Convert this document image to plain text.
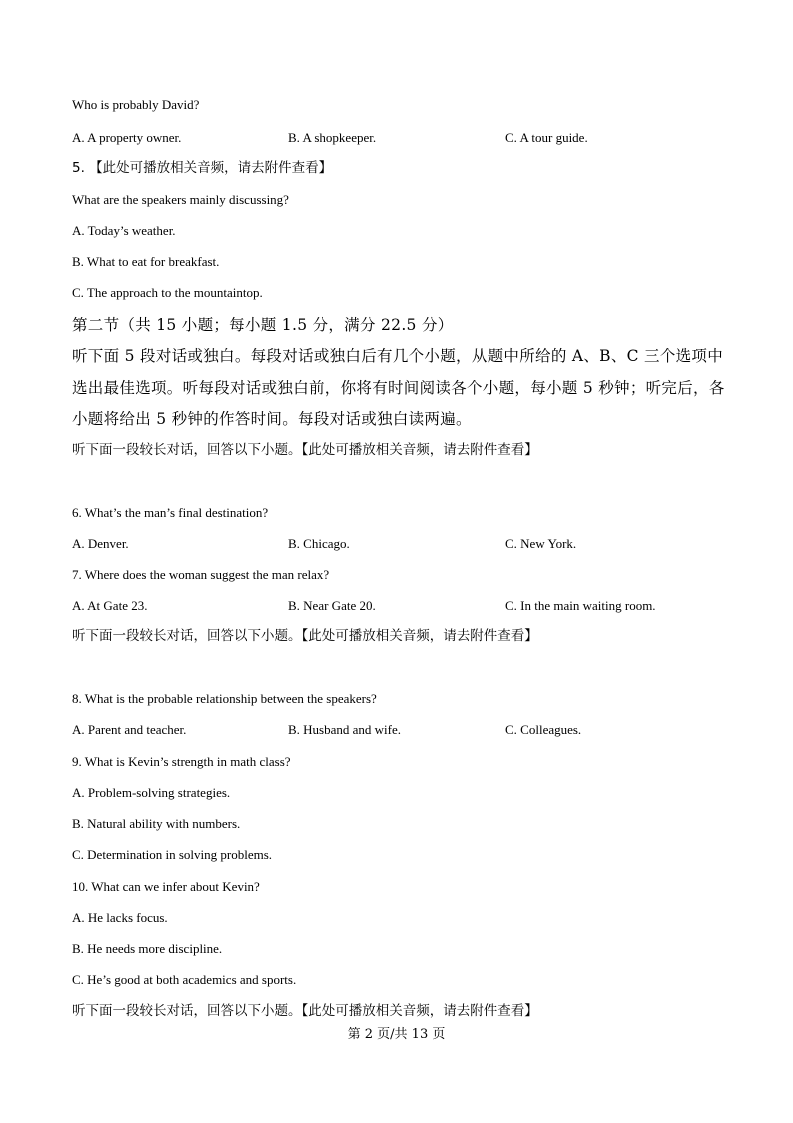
Who is probably David?
A. A property owner.	B. A shopkeeper.	C. A tour guide.
5. 【此处可播放相关音频，请去附件查看】
What are the speakers mainly discussing?
A. Today’s weather.
B. What to eat for breakfast.
C. The approach to the mountaintop.
第二节（共 15 小题；每小题 1.5 分，满分 22.5 分）
听下面 5 段对话或独白。每段对话或独白后有几个小题，从题中所给的 A、B、C 三个选项中
选出最佳选项。听每段对话或独白前，你将有时间阅读各个小题，每小题 5 秒钟；听完后，各
小题将给出 5 秒钟的作答时间。每段对话或独白读两遍。
听下面一段较长对话，回答以下小题。【此处可播放相关音频，请去附件查看】
6. What’s the man’s final destination?
A. Denver.	B. Chicago.	C. New York.
7. Where does the woman suggest the man relax?
A. At Gate 23.	B. Near Gate 20.	C. In the main waiting room.
听下面一段较长对话，回答以下小题。【此处可播放相关音频，请去附件查看】
8. What is the probable relationship between the speakers?
A. Parent and teacher.	B. Husband and wife.	C. Colleagues.
9. What is Kevin’s strength in math class?
A. Problem-solving strategies.
B. Natural ability with numbers.
C. Determination in solving problems.
10. What can we infer about Kevin?
A. He lacks focus.
B. He needs more discipline.
C. He’s good at both academics and sports.
听下面一段较长对话，回答以下小题。【此处可播放相关音频，请去附件查看】
第 2 页/共 13 页
